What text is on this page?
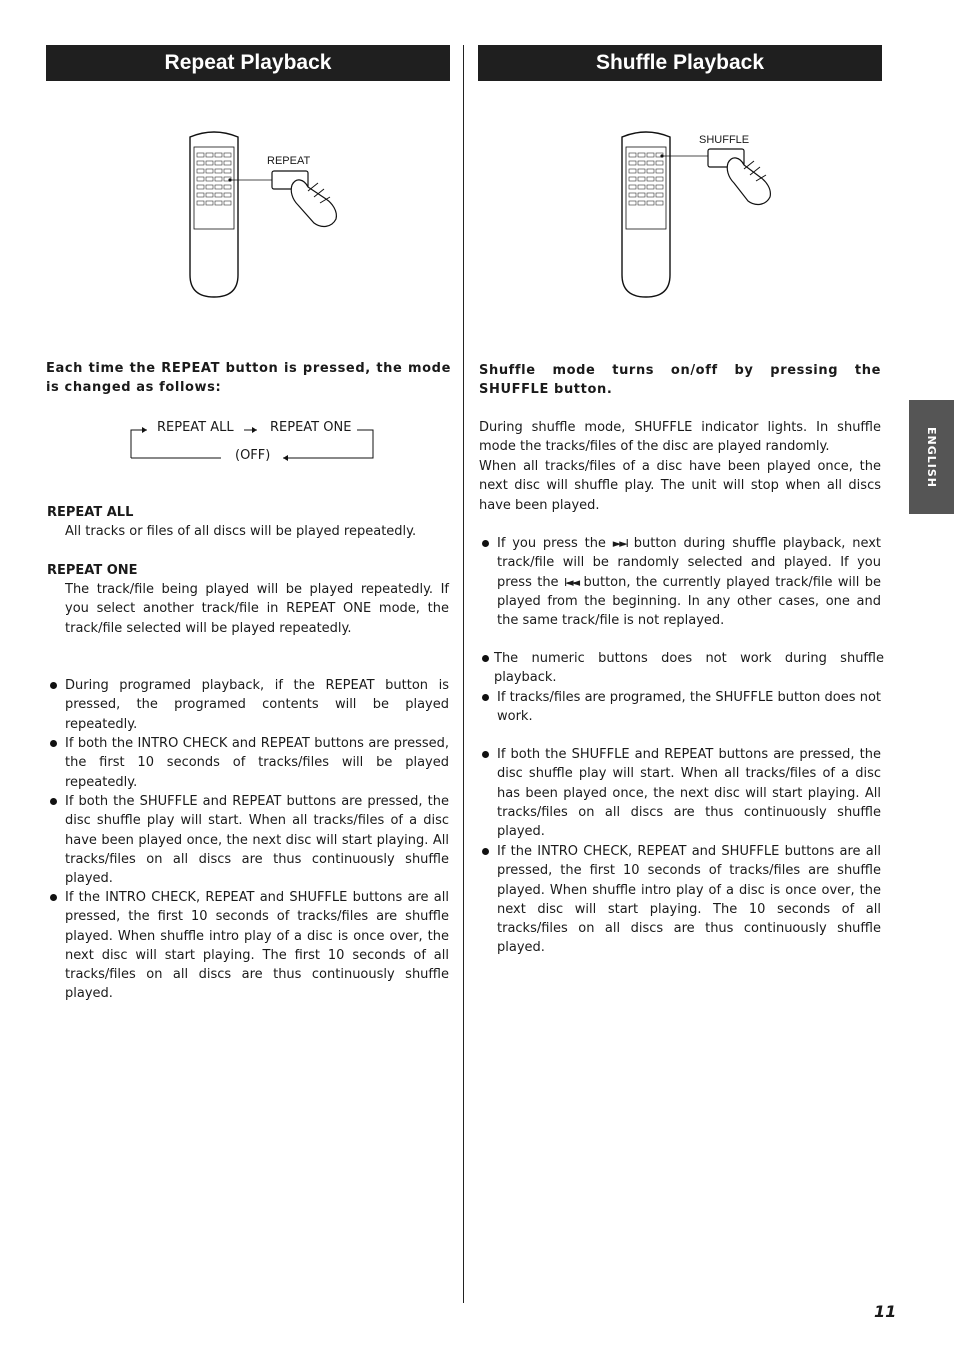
Repeat Playback	Shuffle Playback
REPEAT
SHUFFLE
Each time the REPEAT button is pressed, the mode is changed as follows:
REPEAT ALL	REPEAT ONE
(OFF)
REPEAT ALL
All tracks or files of all discs will be played repeatedly.
REPEAT ONE
The track/file being played will be played repeatedly. If you select another track/file in REPEAT ONE mode, the track/file selected will be played repeatedly.
During programed playback, if the REPEAT button is pressed, the programed contents will be played repeatedly.
If both the INTRO CHECK and REPEAT buttons are pressed, the first 10 seconds of tracks/files will be played repeatedly.
If both the SHUFFLE and REPEAT buttons are pressed, the disc shuffle play will start. When all tracks/files of a disc have been played once, the next disc will start playing. All tracks/files on all discs are thus continuously shuffle played.
If the INTRO CHECK, REPEAT and SHUFFLE buttons are all pressed, the first 10 seconds of tracks/files are shuffle played. When shuffle intro play of a disc is once over, the next disc will start playing. The first 10 seconds of all tracks/files on all discs are thus continuously shuffle played.
Shuffle mode turns on/off by pressing the SHUFFLE button.
During shuffle mode, SHUFFLE indicator lights. In shuffle mode the tracks/files of the disc are played randomly.
When all tracks/files of a disc have been played once, the next disc will shuffle play. The unit will stop when all discs have been played.
If you press the ►►I button during shuffle playback, next track/file will be randomly selected and played. If you press the I◄◄ button, the currently played track/file will be played from the beginning. In any other cases, one and the same track/file is not replayed.
The numeric buttons does not work during shuffle playback.
If tracks/files are programed, the SHUFFLE button does not work.
If both the SHUFFLE and REPEAT buttons are pressed, the disc shuffle play will start. When all tracks/files of a disc has been played once, the next disc will start playing. All tracks/files on all discs are thus continuously shuffle played.
If the INTRO CHECK, REPEAT and SHUFFLE buttons are all pressed, the first 10 seconds of tracks/files are shuffle played. When shuffle intro play of a disc is once over, the next disc will start playing. The 10 seconds of all tracks/files on all discs are thus continuously shuffle played.
ENGLISH
11
